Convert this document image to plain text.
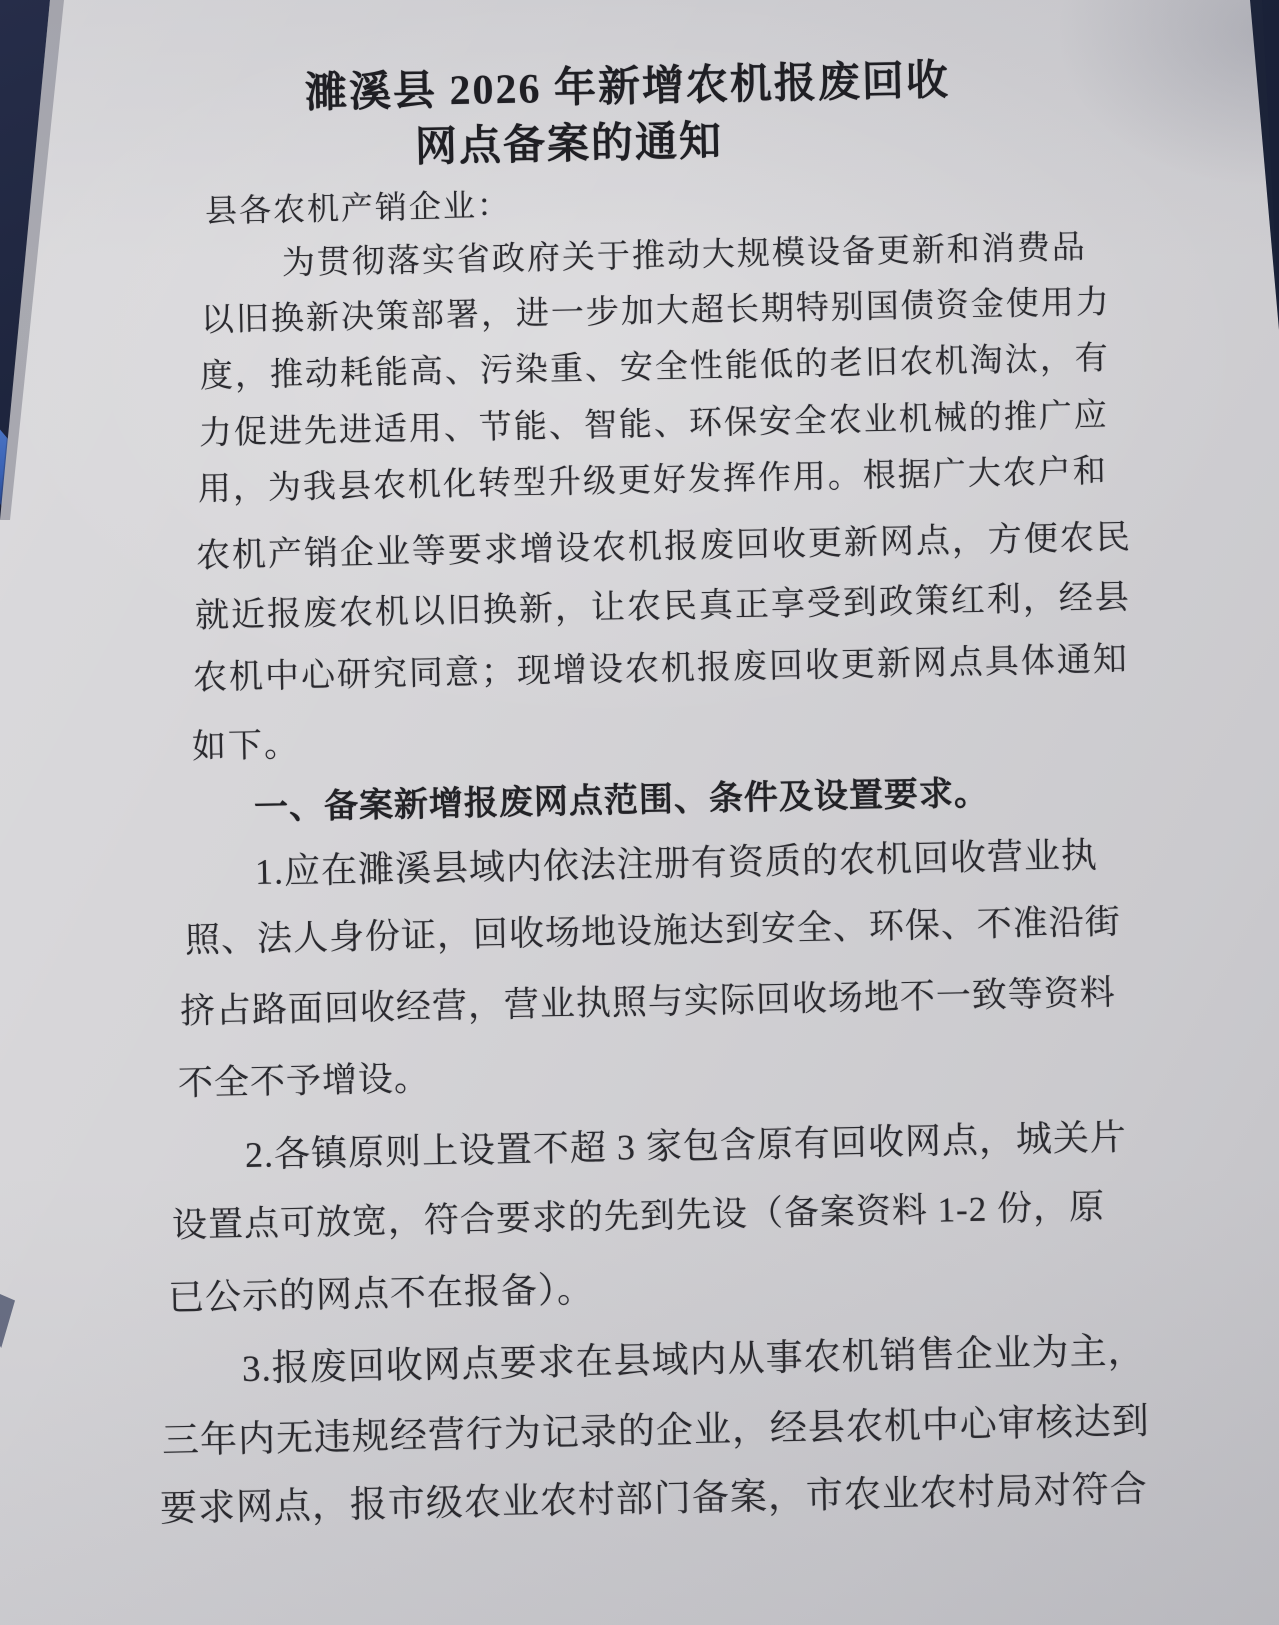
濉溪县 2026 年新增农机报废回收
网点备案的通知
县各农机产销企业：
为贯彻落实省政府关于推动大规模设备更新和消费品
以旧换新决策部署，进一步加大超长期特别国债资金使用力
度，推动耗能高、污染重、安全性能低的老旧农机淘汰，有
力促进先进适用、节能、智能、环保安全农业机械的推广应
用，为我县农机化转型升级更好发挥作用。根据广大农户和
农机产销企业等要求增设农机报废回收更新网点，方便农民
就近报废农机以旧换新，让农民真正享受到政策红利，经县
农机中心研究同意；现增设农机报废回收更新网点具体通知
如下。
一、备案新增报废网点范围、条件及设置要求。
1.应在濉溪县域内依法注册有资质的农机回收营业执
照、法人身份证，回收场地设施达到安全、环保、不准沿街
挤占路面回收经营，营业执照与实际回收场地不一致等资料
不全不予增设。
2.各镇原则上设置不超 3 家包含原有回收网点，城关片
设置点可放宽，符合要求的先到先设（备案资料 1-2 份，原
已公示的网点不在报备）。
3.报废回收网点要求在县域内从事农机销售企业为主，
三年内无违规经营行为记录的企业，经县农机中心审核达到
要求网点，报市级农业农村部门备案，市农业农村局对符合
